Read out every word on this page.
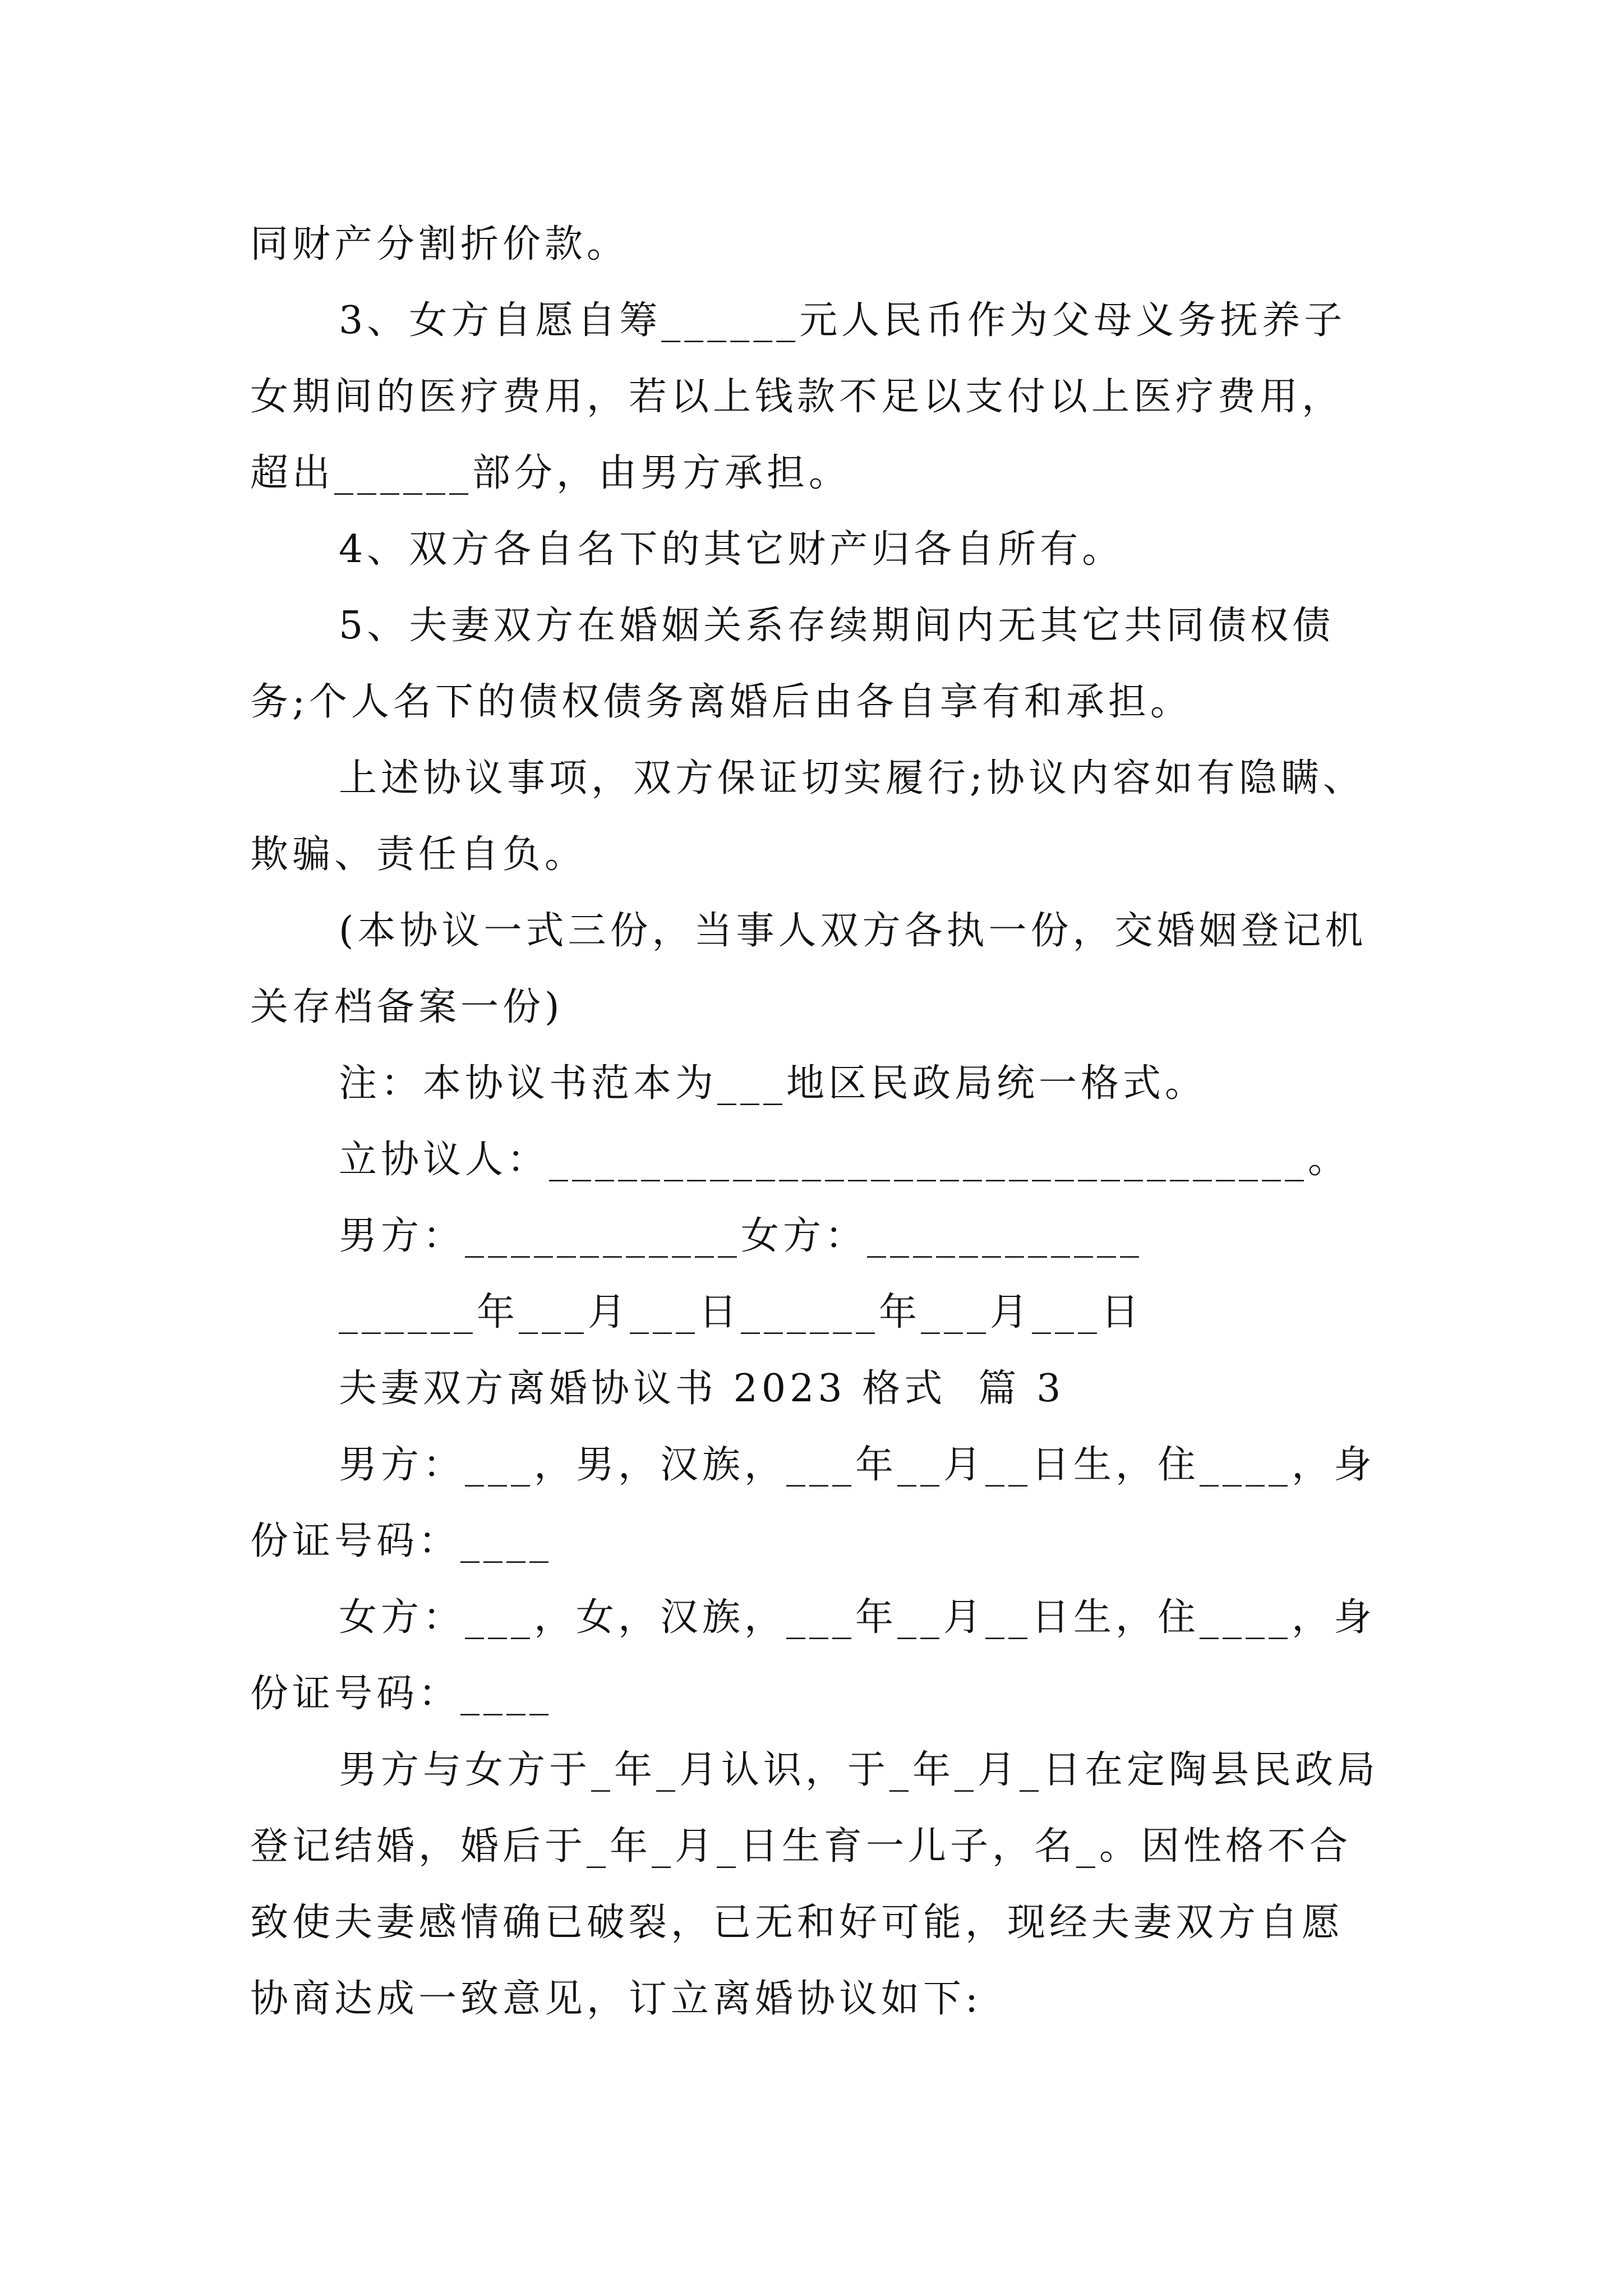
同财产分割折价款。

3、女方自愿自筹______元人民币作为父母义务抚养子女期间的医疗费用，若以上钱款不足以支付以上医疗费用，超出______部分，由男方承担。

4、双方各自名下的其它财产归各自所有。

5、夫妻双方在婚姻关系存续期间内无其它共同债权债务;个人名下的债权债务离婚后由各自享有和承担。

上述协议事项，双方保证切实履行;协议内容如有隐瞒、欺骗、责任自负。

(本协议一式三份，当事人双方各执一份，交婚姻登记机关存档备案一份)

注：本协议书范本为___地区民政局统一格式。

立协议人：_________________________________。

男方：____________女方：____________

______年___月___日______年___月___日

夫妻双方离婚协议书 2023 格式  篇 3

男方：___，男，汉族，___年__月__日生，住____，身份证号码：____

女方：___，女，汉族，___年__月__日生，住____，身份证号码：____

男方与女方于_年_月认识，于_年_月_日在定陶县民政局登记结婚，婚后于_年_月_日生育一儿子，名_。因性格不合致使夫妻感情确已破裂，已无和好可能，现经夫妻双方自愿协商达成一致意见，订立离婚协议如下:
